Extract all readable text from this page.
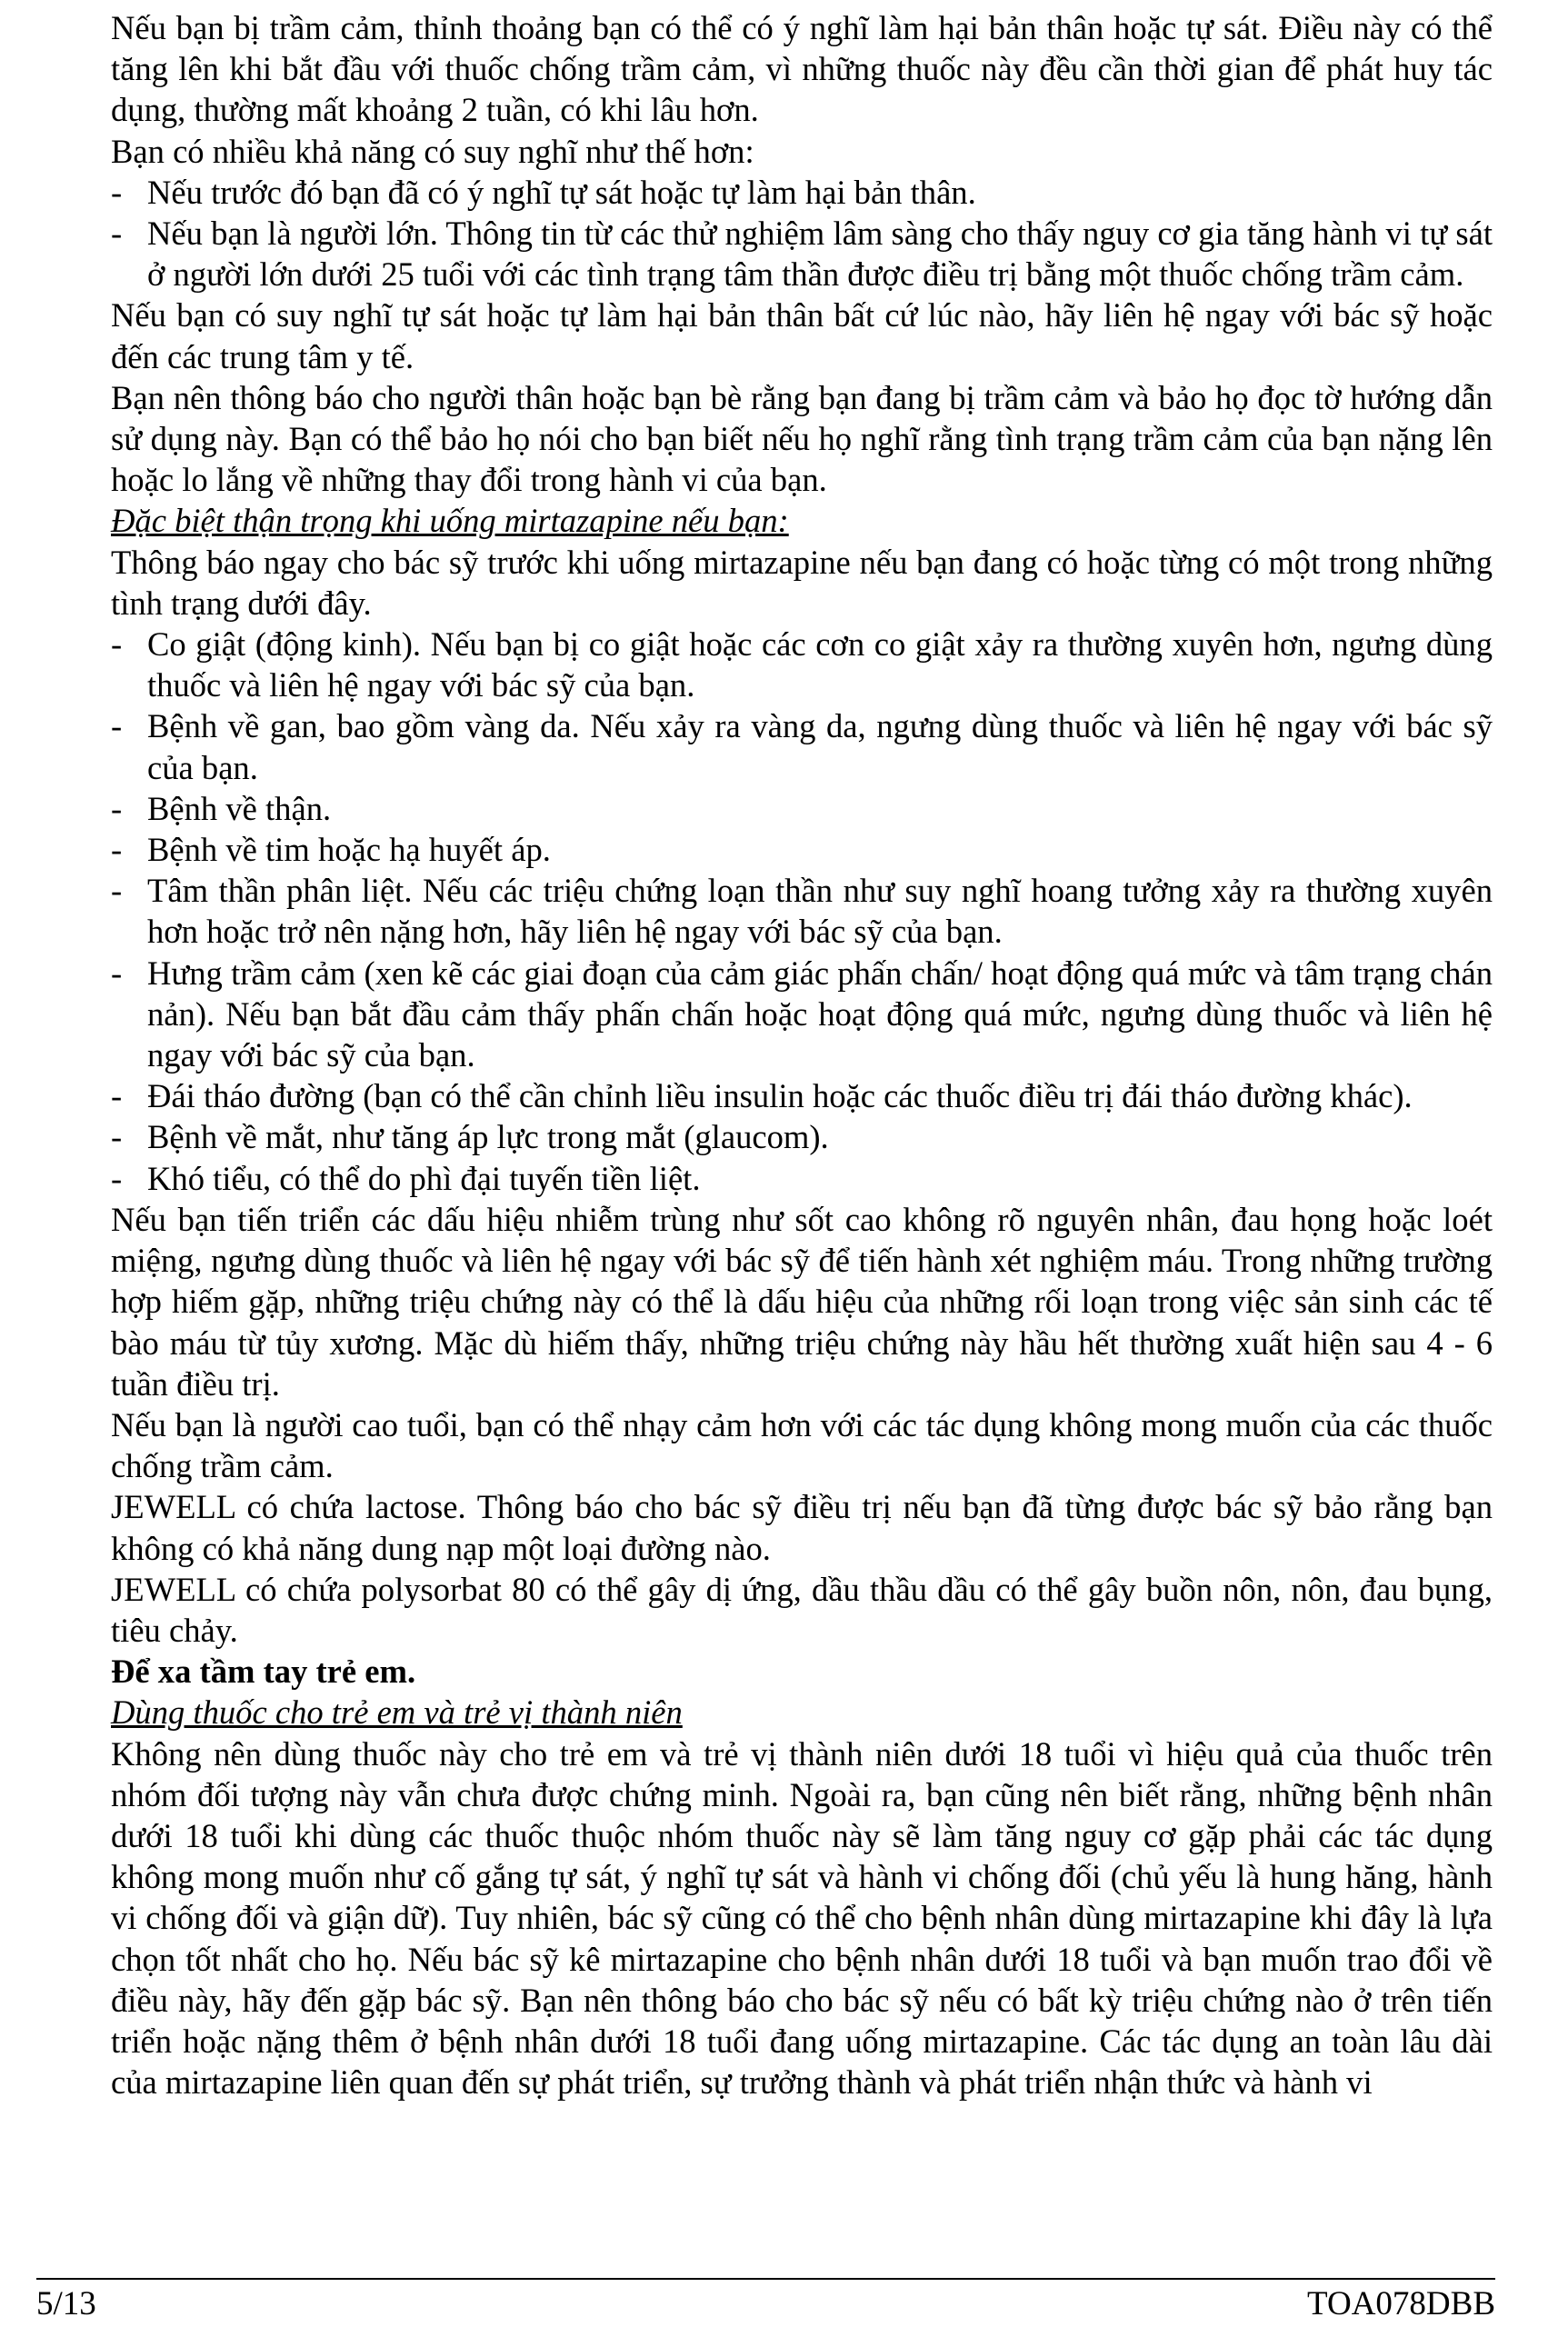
Nếu bạn bị trầm cảm, thỉnh thoảng bạn có thể có ý nghĩ làm hại bản thân hoặc tự sát. Điều này có thể tăng lên khi bắt đầu với thuốc chống trầm cảm, vì những thuốc này đều cần thời gian để phát huy tác dụng, thường mất khoảng 2 tuần, có khi lâu hơn.

Bạn có nhiều khả năng có suy nghĩ như thế hơn:

- Nếu trước đó bạn đã có ý nghĩ tự sát hoặc tự làm hại bản thân.
- Nếu bạn là người lớn. Thông tin từ các thử nghiệm lâm sàng cho thấy nguy cơ gia tăng hành vi tự sát ở người lớn dưới 25 tuổi với các tình trạng tâm thần được điều trị bằng một thuốc chống trầm cảm.

Nếu bạn có suy nghĩ tự sát hoặc tự làm hại bản thân bất cứ lúc nào, hãy liên hệ ngay với bác sỹ hoặc đến các trung tâm y tế.

Bạn nên thông báo cho người thân hoặc bạn bè rằng bạn đang bị trầm cảm và bảo họ đọc tờ hướng dẫn sử dụng này. Bạn có thể bảo họ nói cho bạn biết nếu họ nghĩ rằng tình trạng trầm cảm của bạn nặng lên hoặc lo lắng về những thay đổi trong hành vi của bạn.

Đặc biệt thận trọng khi uống mirtazapine nếu bạn:

Thông báo ngay cho bác sỹ trước khi uống mirtazapine nếu bạn đang có hoặc từng có một trong những tình trạng dưới đây.

- Co giật (động kinh). Nếu bạn bị co giật hoặc các cơn co giật xảy ra thường xuyên hơn, ngưng dùng thuốc và liên hệ ngay với bác sỹ của bạn.
- Bệnh về gan, bao gồm vàng da. Nếu xảy ra vàng da, ngưng dùng thuốc và liên hệ ngay với bác sỹ của bạn.
- Bệnh về thận.
- Bệnh về tim hoặc hạ huyết áp.
- Tâm thần phân liệt. Nếu các triệu chứng loạn thần như suy nghĩ hoang tưởng xảy ra thường xuyên hơn hoặc trở nên nặng hơn, hãy liên hệ ngay với bác sỹ của bạn.
- Hưng trầm cảm (xen kẽ các giai đoạn của cảm giác phấn chấn/ hoạt động quá mức và tâm trạng chán nản). Nếu bạn bắt đầu cảm thấy phấn chấn hoặc hoạt động quá mức, ngưng dùng thuốc và liên hệ ngay với bác sỹ của bạn.
- Đái tháo đường (bạn có thể cần chỉnh liều insulin hoặc các thuốc điều trị đái tháo đường khác).
- Bệnh về mắt, như tăng áp lực trong mắt (glaucom).
- Khó tiểu, có thể do phì đại tuyến tiền liệt.

Nếu bạn tiến triển các dấu hiệu nhiễm trùng như sốt cao không rõ nguyên nhân, đau họng hoặc loét miệng, ngưng dùng thuốc và liên hệ ngay với bác sỹ để tiến hành xét nghiệm máu. Trong những trường hợp hiếm gặp, những triệu chứng này có thể là dấu hiệu của những rối loạn trong việc sản sinh các tế bào máu từ tủy xương. Mặc dù hiếm thấy, những triệu chứng này hầu hết thường xuất hiện sau 4 - 6 tuần điều trị.

Nếu bạn là người cao tuổi, bạn có thể nhạy cảm hơn với các tác dụng không mong muốn của các thuốc chống trầm cảm.

JEWELL có chứa lactose. Thông báo cho bác sỹ điều trị nếu bạn đã từng được bác sỹ bảo rằng bạn không có khả năng dung nạp một loại đường nào.

JEWELL có chứa polysorbat 80 có thể gây dị ứng, dầu thầu dầu có thể gây buồn nôn, nôn, đau bụng, tiêu chảy.

Để xa tầm tay trẻ em.

Dùng thuốc cho trẻ em và trẻ vị thành niên

Không nên dùng thuốc này cho trẻ em và trẻ vị thành niên dưới 18 tuổi vì hiệu quả của thuốc trên nhóm đối tượng này vẫn chưa được chứng minh. Ngoài ra, bạn cũng nên biết rằng, những bệnh nhân dưới 18 tuổi khi dùng các thuốc thuộc nhóm thuốc này sẽ làm tăng nguy cơ gặp phải các tác dụng không mong muốn như cố gắng tự sát, ý nghĩ tự sát và hành vi chống đối (chủ yếu là hung hăng, hành vi chống đối và giận dữ). Tuy nhiên, bác sỹ cũng có thể cho bệnh nhân dùng mirtazapine khi đây là lựa chọn tốt nhất cho họ. Nếu bác sỹ kê mirtazapine cho bệnh nhân dưới 18 tuổi và bạn muốn trao đổi về điều này, hãy đến gặp bác sỹ. Bạn nên thông báo cho bác sỹ nếu có bất kỳ triệu chứng nào ở trên tiến triển hoặc nặng thêm ở bệnh nhân dưới 18 tuổi đang uống mirtazapine. Các tác dụng an toàn lâu dài của mirtazapine liên quan đến sự phát triển, sự trưởng thành và phát triển nhận thức và hành vi

5/13	TOA078DBB
